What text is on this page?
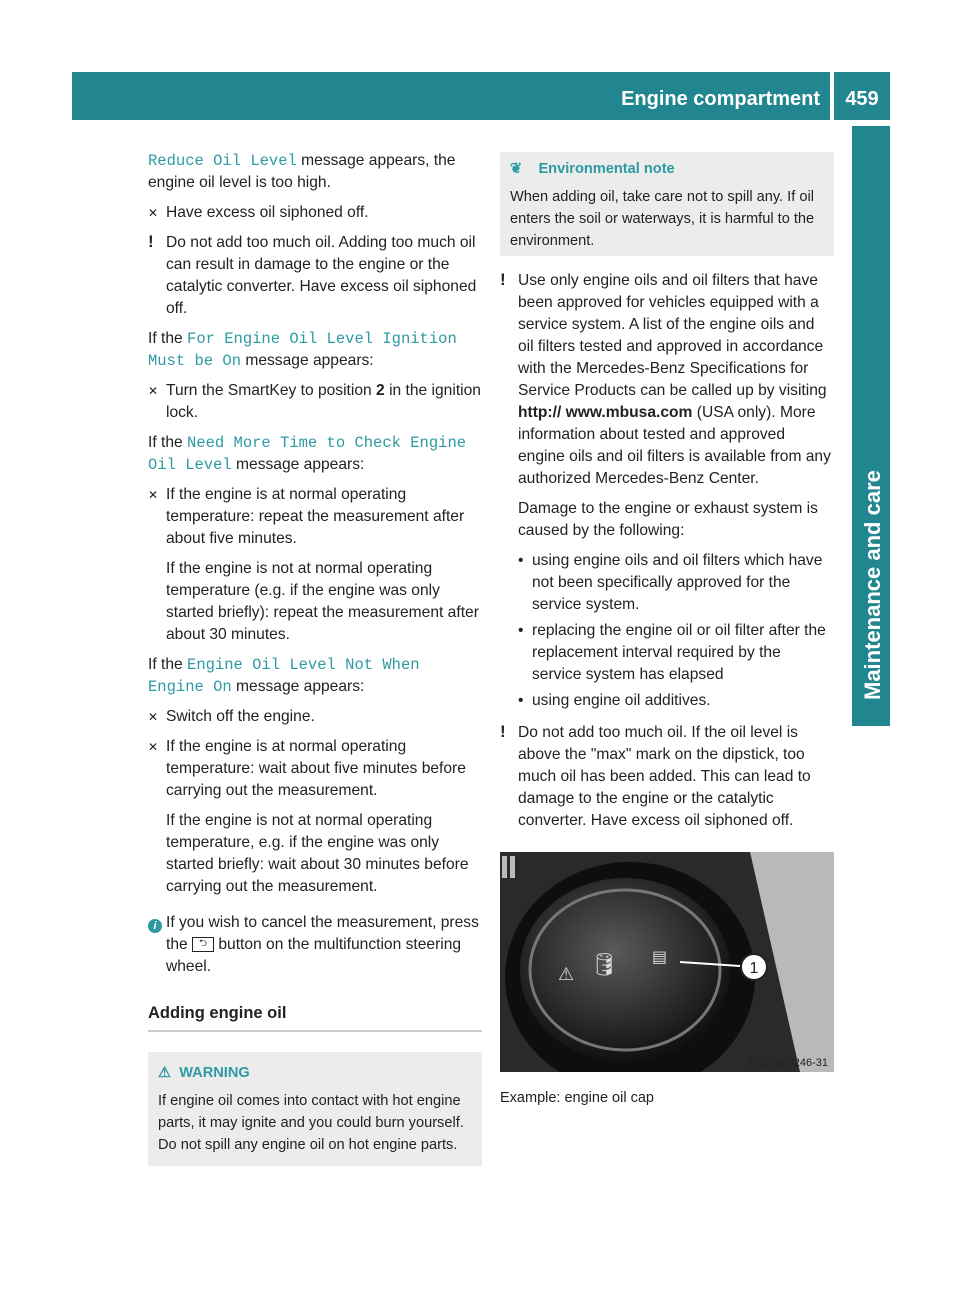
Engine compartment	459
Maintenance and care

Reduce Oil Level message appears, the engine oil level is too high.

✕ Have excess oil siphoned off.
! Do not add too much oil. Adding too much oil can result in damage to the engine or the catalytic converter. Have excess oil siphoned off.

If the For Engine Oil Level Ignition Must be On message appears:

✕ Turn the SmartKey to position 2 in the ignition lock.

If the Need More Time to Check Engine Oil Level message appears:

✕ If the engine is at normal operating temperature: repeat the measurement after about five minutes.
If the engine is not at normal operating temperature (e.g. if the engine was only started briefly): repeat the measurement after about 30 minutes.

If the Engine Oil Level Not When Engine On message appears:

✕ Switch off the engine.
✕ If the engine is at normal operating temperature: wait about five minutes before carrying out the measurement.
If the engine is not at normal operating temperature, e.g. if the engine was only started briefly: wait about 30 minutes before carrying out the measurement.
i If you wish to cancel the measurement, press the ⮌ button on the multifunction steering wheel.
Adding engine oil
⚠ WARNING
If engine oil comes into contact with hot engine parts, it may ignite and you could burn yourself. Do not spill any engine oil on hot engine parts.
❦ Environmental note
When adding oil, take care not to spill any. If oil enters the soil or waterways, it is harmful to the environment.
! Use only engine oils and oil filters that have been approved for vehicles equipped with a service system. A list of the engine oils and oil filters tested and approved in accordance with the Mercedes-Benz Specifications for Service Products can be called up by visiting http:// www.mbusa.com (USA only). More information about tested and approved engine oils and oil filters is available from any authorized Mercedes-Benz Center.
Damage to the engine or exhaust system is caused by the following:
• using engine oils and oil filters which have not been specifically approved for the service system.
• replacing the engine oil or oil filter after the replacement interval required by the service system has elapsed
• using engine oil additives.
! Do not add too much oil. If the oil level is above the "max" mark on the dipstick, too much oil has been added. This can lead to damage to the engine or the catalytic converter. Have excess oil siphoned off.
⚠ 🛢 ▤
1
P01.00-3246-31
Example: engine oil cap
